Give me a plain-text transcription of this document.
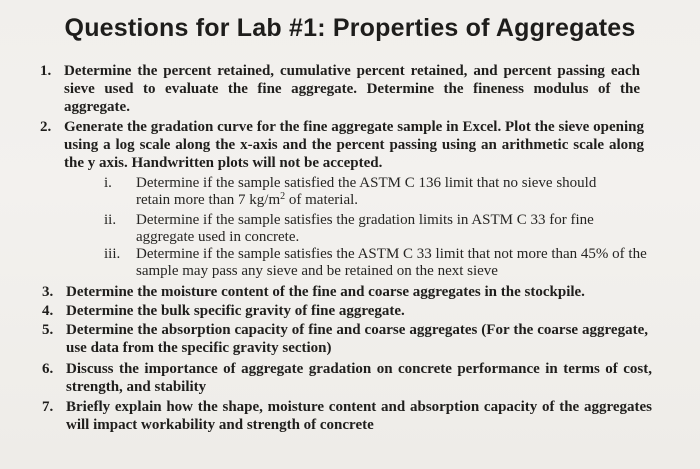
Questions for Lab #1: Properties of Aggregates
1. Determine the percent retained, cumulative percent retained, and percent passing each sieve used to evaluate the fine aggregate. Determine the fineness modulus of the aggregate.
2. Generate the gradation curve for the fine aggregate sample in Excel. Plot the sieve opening using a log scale along the x-axis and the percent passing using an arithmetic scale along the y axis. Handwritten plots will not be accepted.
i. Determine if the sample satisfied the ASTM C 136 limit that no sieve should retain more than 7 $kg/m^2$ of material.
ii. Determine if the sample satisfies the gradation limits in ASTM C 33 for fine aggregate used in concrete.
iii. Determine if the sample satisfies the ASTM C 33 limit that not more than 45% of the sample may pass any sieve and be retained on the next sieve
3. Determine the moisture content of the fine and coarse aggregates in the stockpile.
4. Determine the bulk specific gravity of fine aggregate.
5. Determine the absorption capacity of fine and coarse aggregates (For the coarse aggregate, use data from the specific gravity section)
6. Discuss the importance of aggregate gradation on concrete performance in terms of cost, strength, and stability
7. Briefly explain how the shape, moisture content and absorption capacity of the aggregates will impact workability and strength of concrete
